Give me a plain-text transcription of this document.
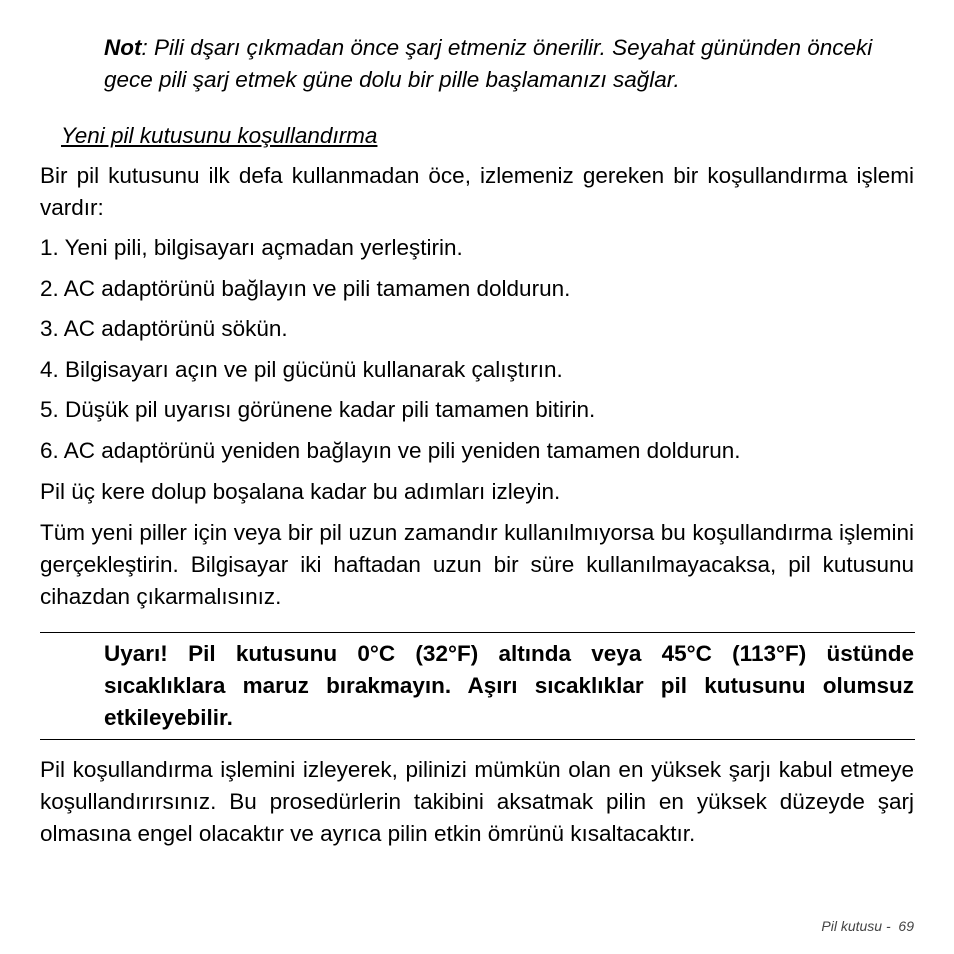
Not: Pili dşarı çıkmadan önce şarj etmeniz önerilir. Seyahat gününden önceki gece pili şarj etmek güne dolu bir pille başlamanızı sağlar.
Yeni pil kutusunu koşullandırma
Bir pil kutusunu ilk defa kullanmadan öce, izlemeniz gereken bir koşullandırma işlemi vardır:
1. Yeni pili, bilgisayarı açmadan yerleştirin.
2. AC adaptörünü bağlayın ve pili tamamen doldurun.
3. AC adaptörünü sökün.
4. Bilgisayarı açın ve pil gücünü kullanarak çalıştırın.
5. Düşük pil uyarısı görünene kadar pili tamamen bitirin.
6. AC adaptörünü yeniden bağlayın ve pili yeniden tamamen doldurun.
Pil üç kere dolup boşalana kadar bu adımları izleyin.
Tüm yeni piller için veya bir pil uzun zamandır kullanılmıyorsa bu koşullandırma işlemini gerçekleştirin. Bilgisayar iki haftadan uzun bir süre kullanılmayacaksa, pil kutusunu cihazdan çıkarmalısınız.
Uyarı! Pil kutusunu 0°C (32°F) altında veya 45°C (113°F) üstünde sıcaklıklara maruz bırakmayın. Aşırı sıcaklıklar pil kutusunu olumsuz etkileyebilir.
Pil koşullandırma işlemini izleyerek, pilinizi mümkün olan en yüksek şarjı kabul etmeye koşullandırırsınız. Bu prosedürlerin takibini aksatmak pilin en yüksek düzeyde şarj olmasına engel olacaktır ve ayrıca pilin etkin ömrünü kısaltacaktır.
Pil kutusu - 69
